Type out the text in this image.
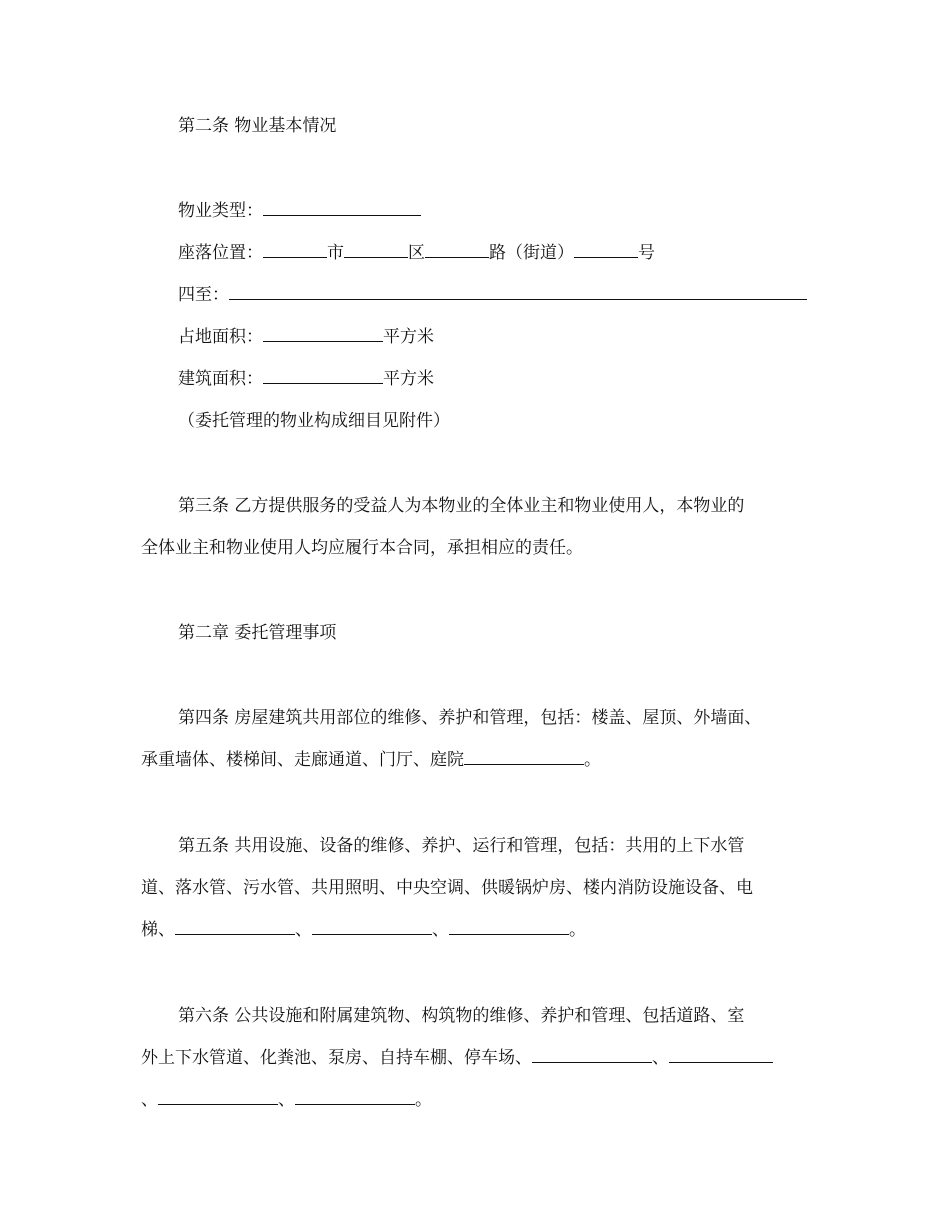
第二条 物业基本情况
物业类型：
座落位置：	市	区	路（街道）	号
四至：
占地面积：	平方米
建筑面积：	平方米
（委托管理的物业构成细目见附件）
第三条 乙方提供服务的受益人为本物业的全体业主和物业使用人，本物业的
全体业主和物业使用人均应履行本合同，承担相应的责任。
第二章 委托管理事项
第四条 房屋建筑共用部位的维修、养护和管理，包括：楼盖、屋顶、外墙面、
承重墙体、楼梯间、走廊通道、门厅、庭院	。
第五条 共用设施、设备的维修、养护、运行和管理，包括：共用的上下水管
道、落水管、污水管、共用照明、中央空调、供暖锅炉房、楼内消防设施设备、电
梯、	、	、	。
第六条 公共设施和附属建筑物、构筑物的维修、养护和管理、包括道路、室
外上下水管道、化粪池、泵房、自持车棚、停车场、	、
、	、	。
